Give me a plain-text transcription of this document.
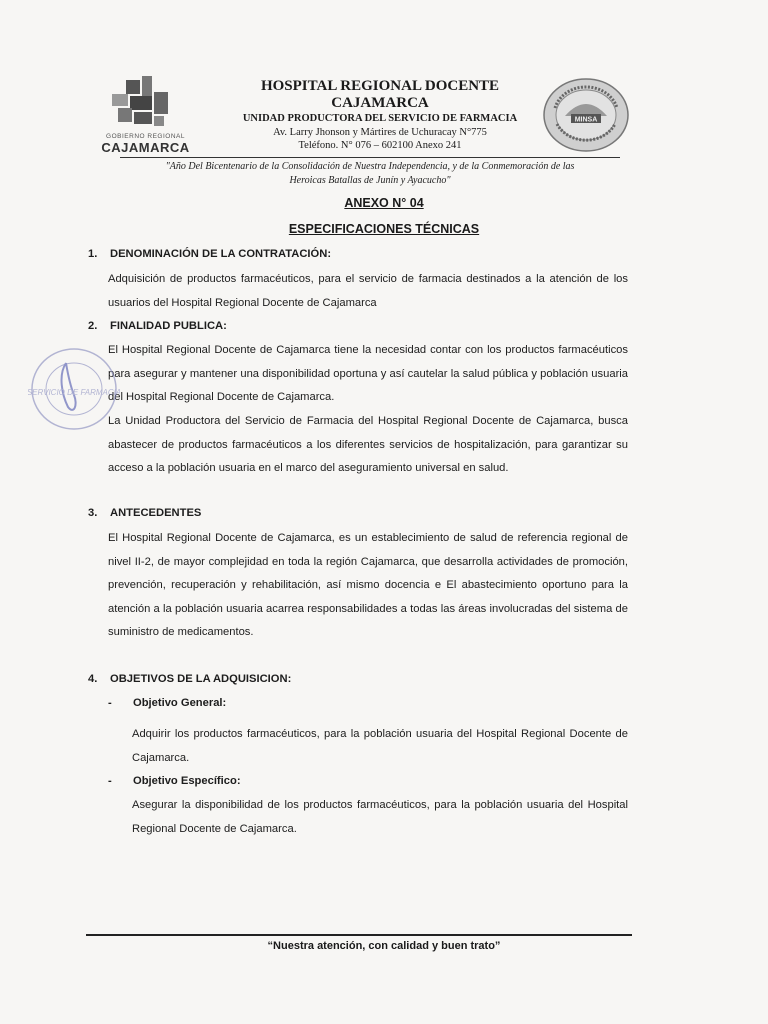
GOBIERNO REGIONAL
CAJAMARCA
HOSPITAL REGIONAL DOCENTE
CAJAMARCA
UNIDAD PRODUCTORA DEL SERVICIO DE FARMACIA
Av. Larry Jhonson y Mártires de Uchuracay N°775
Teléfono. N° 076 – 602100 Anexo 241
MINSA
"Año Del Bicentenario de la Consolidación de Nuestra Independencia, y de la Conmemoración de las
Heroicas Batallas de Junín y Ayacucho"
ANEXO N° 04
ESPECIFICACIONES TÉCNICAS
1. DENOMINACIÓN DE LA CONTRATACIÓN:
Adquisición de productos farmacéuticos, para el servicio de farmacia destinados a la atención de los usuarios del Hospital Regional Docente de Cajamarca
2. FINALIDAD PUBLICA:
El Hospital Regional Docente de Cajamarca tiene la necesidad contar con los productos farmacéuticos para asegurar y mantener una disponibilidad oportuna y así cautelar la salud pública y población usuaria del Hospital Regional Docente de Cajamarca.
La Unidad Productora del Servicio de Farmacia del Hospital Regional Docente de Cajamarca, busca abastecer de productos farmacéuticos a los diferentes servicios de hospitalización, para garantizar su acceso a la población usuaria en el marco del aseguramiento universal en salud.
3. ANTECEDENTES
El Hospital Regional Docente de Cajamarca, es un establecimiento de salud de referencia regional de nivel II-2, de mayor complejidad en toda la región Cajamarca, que desarrolla actividades de promoción, prevención, recuperación y rehabilitación, así mismo docencia e El abastecimiento oportuno para la atención a la población usuaria acarrea responsabilidades a todas las áreas involucradas del sistema de suministro de medicamentos.
4. OBJETIVOS DE LA ADQUISICION:
- Objetivo General:
Adquirir los productos farmacéuticos, para la población usuaria del Hospital Regional Docente de Cajamarca.
- Objetivo Específico:
Asegurar la disponibilidad de los productos farmacéuticos, para la población usuaria del Hospital Regional Docente de Cajamarca.
SERVICIO DE FARMACIA
“Nuestra atención, con calidad y buen trato”
